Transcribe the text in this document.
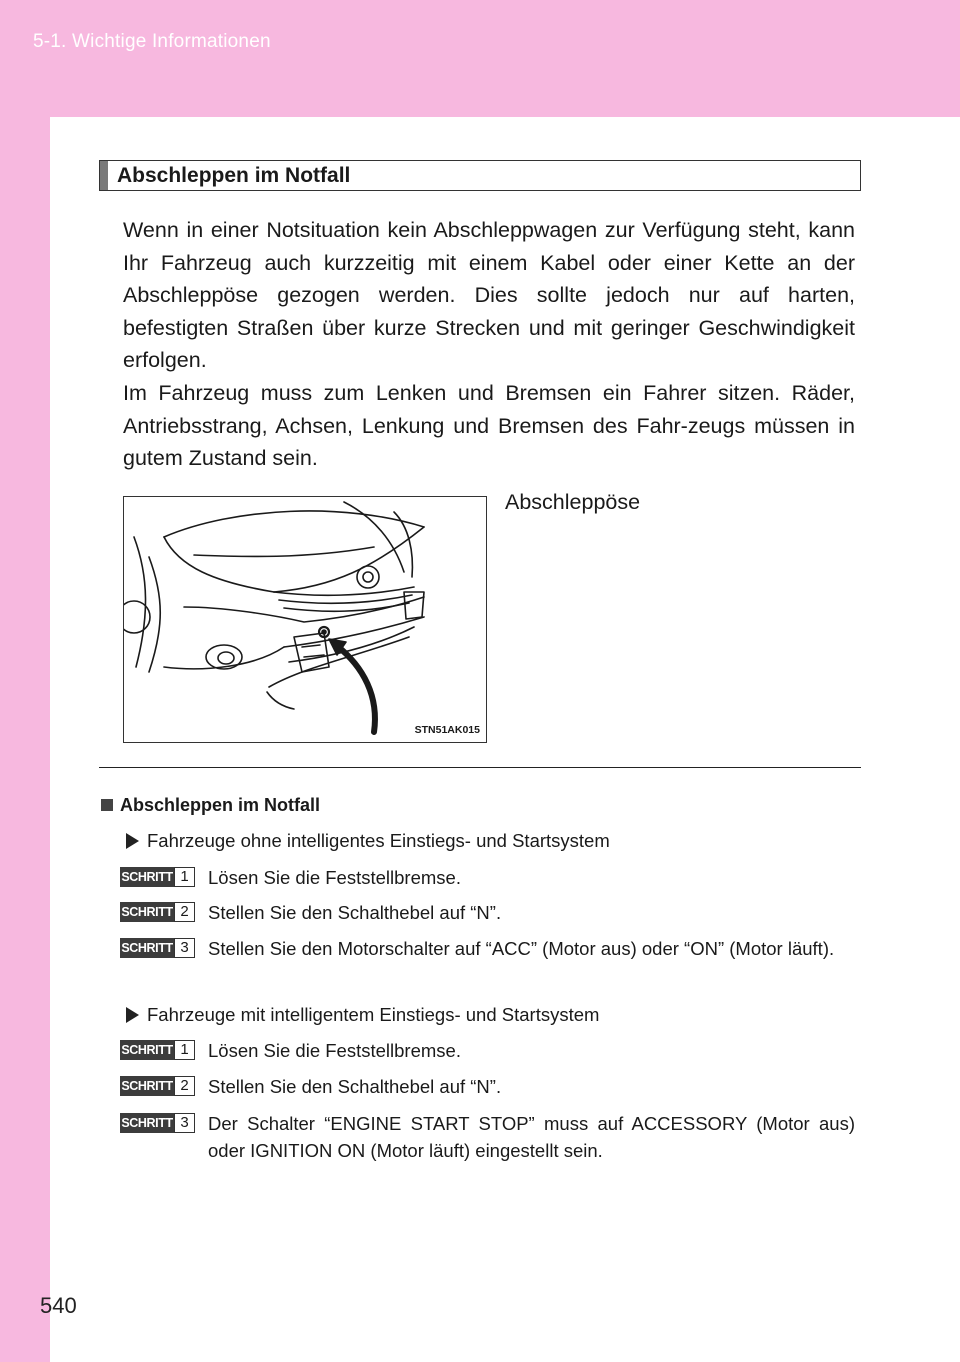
5-1. Wichtige Informationen
Abschleppen im Notfall

Wenn in einer Notsituation kein Abschleppwagen zur Verfügung steht, kann Ihr Fahrzeug auch kurzzeitig mit einem Kabel oder einer Kette an der Abschleppöse gezogen werden. Dies sollte jedoch nur auf harten, befestigten Straßen über kurze Strecken und mit geringer Geschwindigkeit erfolgen.

Im Fahrzeug muss zum Lenken und Bremsen ein Fahrer sitzen. Räder, Antriebsstrang, Achsen, Lenkung und Bremsen des Fahr-zeugs müssen in gutem Zustand sein.

STN51AK015
Abschleppöse
Abschleppen im Notfall
Fahrzeuge ohne intelligentes Einstiegs- und Startsystem
SCHRITT 1	Lösen Sie die Feststellbremse.
SCHRITT 2	Stellen Sie den Schalthebel auf “N”.
SCHRITT 3	Stellen Sie den Motorschalter auf “ACC” (Motor aus) oder “ON” (Motor läuft).
Fahrzeuge mit intelligentem Einstiegs- und Startsystem
SCHRITT 1	Lösen Sie die Feststellbremse.
SCHRITT 2	Stellen Sie den Schalthebel auf “N”.
SCHRITT 3	Der Schalter “ENGINE START STOP” muss auf ACCESSORY (Motor aus) oder IGNITION ON (Motor läuft) eingestellt sein.
540
